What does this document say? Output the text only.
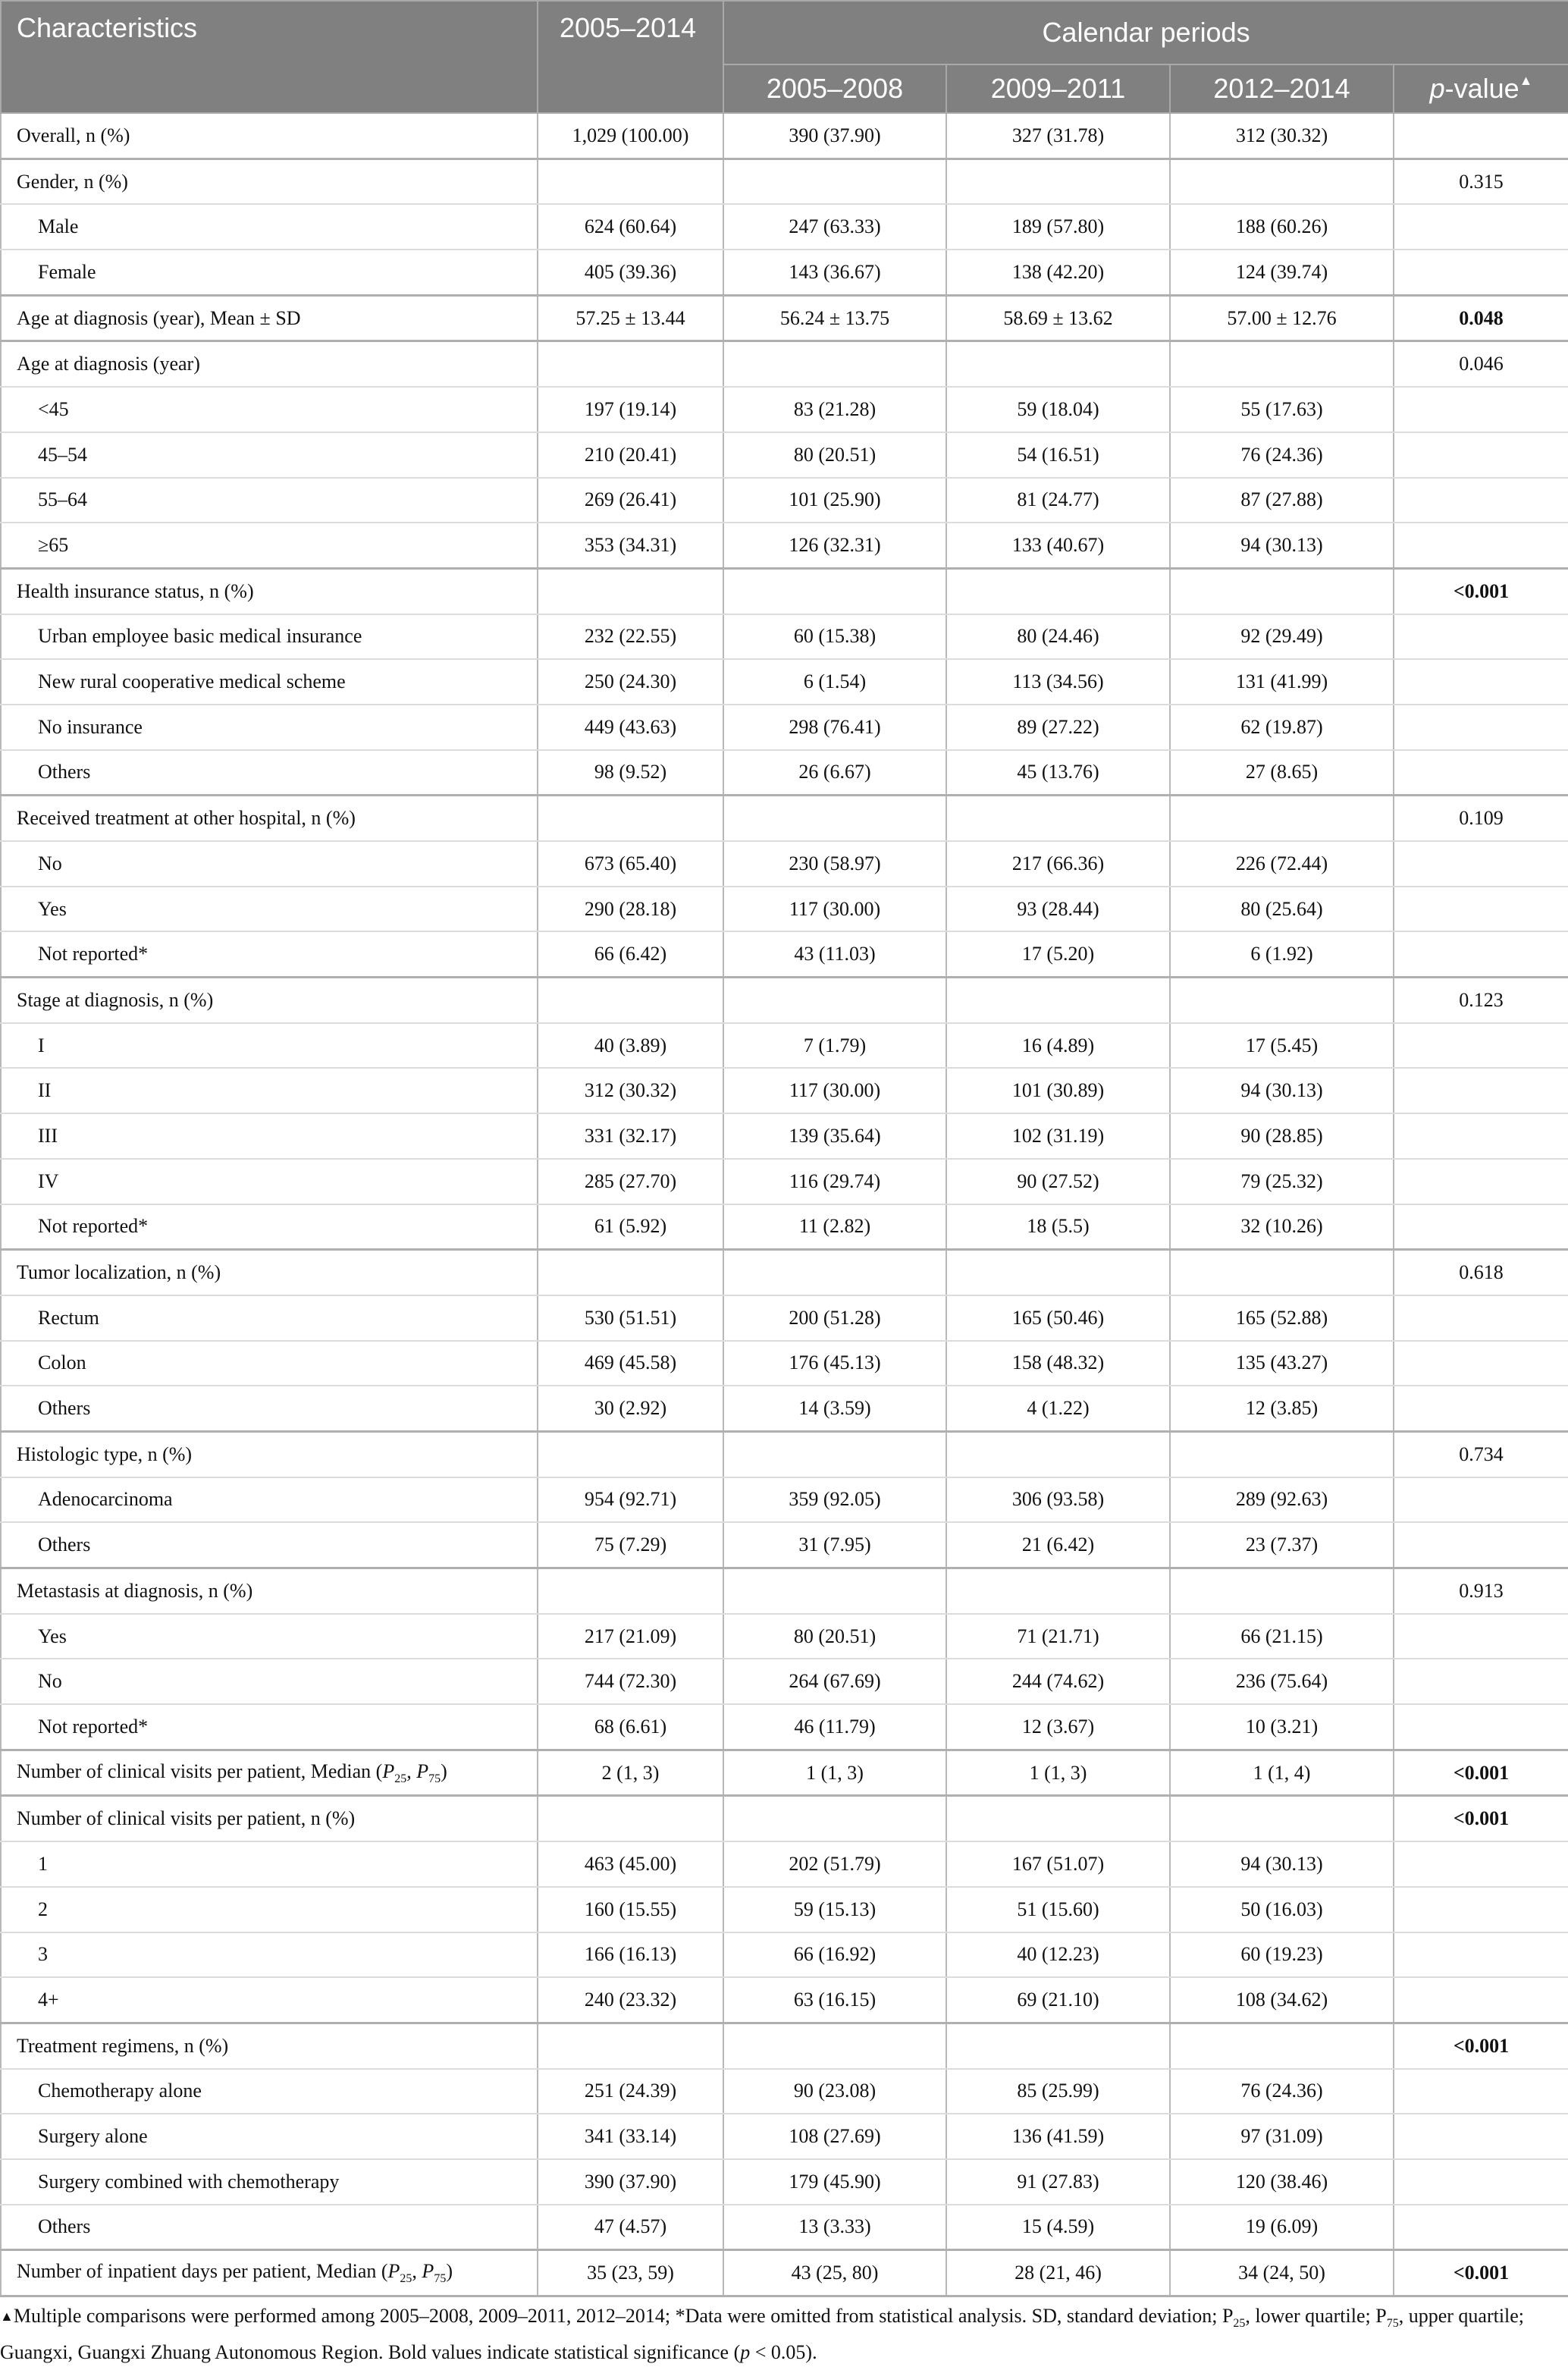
Characteristics	2005–2014	Calendar periods			
		2005–2008	2009–2011	2012–2014	p-value▲
Overall, n (%)	1,029 (100.00)	390 (37.90)	327 (31.78)	312 (30.32)	
Gender, n (%)					0.315
Male	624 (60.64)	247 (63.33)	189 (57.80)	188 (60.26)	
Female	405 (39.36)	143 (36.67)	138 (42.20)	124 (39.74)	
Age at diagnosis (year), Mean ± SD	57.25 ± 13.44	56.24 ± 13.75	58.69 ± 13.62	57.00 ± 12.76	0.048
Age at diagnosis (year)					0.046
<45	197 (19.14)	83 (21.28)	59 (18.04)	55 (17.63)	
45–54	210 (20.41)	80 (20.51)	54 (16.51)	76 (24.36)	
55–64	269 (26.41)	101 (25.90)	81 (24.77)	87 (27.88)	
≥65	353 (34.31)	126 (32.31)	133 (40.67)	94 (30.13)	
Health insurance status, n (%)					<0.001
Urban employee basic medical insurance	232 (22.55)	60 (15.38)	80 (24.46)	92 (29.49)	
New rural cooperative medical scheme	250 (24.30)	6 (1.54)	113 (34.56)	131 (41.99)	
No insurance	449 (43.63)	298 (76.41)	89 (27.22)	62 (19.87)	
Others	98 (9.52)	26 (6.67)	45 (13.76)	27 (8.65)	
Received treatment at other hospital, n (%)					0.109
No	673 (65.40)	230 (58.97)	217 (66.36)	226 (72.44)	
Yes	290 (28.18)	117 (30.00)	93 (28.44)	80 (25.64)	
Not reported*	66 (6.42)	43 (11.03)	17 (5.20)	6 (1.92)	
Stage at diagnosis, n (%)					0.123
I	40 (3.89)	7 (1.79)	16 (4.89)	17 (5.45)	
II	312 (30.32)	117 (30.00)	101 (30.89)	94 (30.13)	
III	331 (32.17)	139 (35.64)	102 (31.19)	90 (28.85)	
IV	285 (27.70)	116 (29.74)	90 (27.52)	79 (25.32)	
Not reported*	61 (5.92)	11 (2.82)	18 (5.5)	32 (10.26)	
Tumor localization, n (%)					0.618
Rectum	530 (51.51)	200 (51.28)	165 (50.46)	165 (52.88)	
Colon	469 (45.58)	176 (45.13)	158 (48.32)	135 (43.27)	
Others	30 (2.92)	14 (3.59)	4 (1.22)	12 (3.85)	
Histologic type, n (%)					0.734
Adenocarcinoma	954 (92.71)	359 (92.05)	306 (93.58)	289 (92.63)	
Others	75 (7.29)	31 (7.95)	21 (6.42)	23 (7.37)	
Metastasis at diagnosis, n (%)					0.913
Yes	217 (21.09)	80 (20.51)	71 (21.71)	66 (21.15)	
No	744 (72.30)	264 (67.69)	244 (74.62)	236 (75.64)	
Not reported*	68 (6.61)	46 (11.79)	12 (3.67)	10 (3.21)	
Number of clinical visits per patient, Median ($P_{25}$, $P_{75}$)	2 (1, 3)	1 (1, 3)	1 (1, 3)	1 (1, 4)	<0.001
Number of clinical visits per patient, n (%)					<0.001
1	463 (45.00)	202 (51.79)	167 (51.07)	94 (30.13)	
2	160 (15.55)	59 (15.13)	51 (15.60)	50 (16.03)	
3	166 (16.13)	66 (16.92)	40 (12.23)	60 (19.23)	
4+	240 (23.32)	63 (16.15)	69 (21.10)	108 (34.62)	
Treatment regimens, n (%)					<0.001
Chemotherapy alone	251 (24.39)	90 (23.08)	85 (25.99)	76 (24.36)	
Surgery alone	341 (33.14)	108 (27.69)	136 (41.59)	97 (31.09)	
Surgery combined with chemotherapy	390 (37.90)	179 (45.90)	91 (27.83)	120 (38.46)	
Others	47 (4.57)	13 (3.33)	15 (4.59)	19 (6.09)	
Number of inpatient days per patient, Median ($P_{25}$, $P_{75}$)	35 (23, 59)	43 (25, 80)	28 (21, 46)	34 (24, 50)	<0.001
▲Multiple comparisons were performed among 2005–2008, 2009–2011, 2012–2014; *Data were omitted from statistical analysis. SD, standard deviation; $P_{25}$, lower quartile; $P_{75}$, upper quartile; Guangxi, Guangxi Zhuang Autonomous Region. Bold values indicate statistical significance (p < 0.05).
